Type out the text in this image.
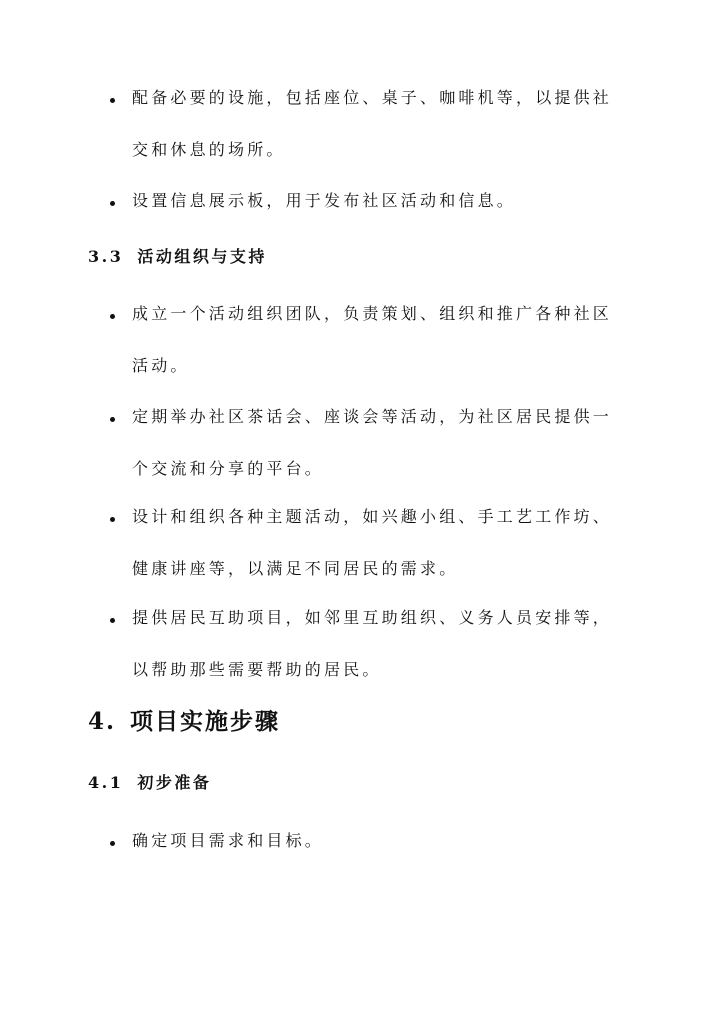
配备必要的设施，包括座位、桌子、咖啡机等，以提供社交和休息的场所。
设置信息展示板，用于发布社区活动和信息。
3.3 活动组织与支持
成立一个活动组织团队，负责策划、组织和推广各种社区活动。
定期举办社区茶话会、座谈会等活动，为社区居民提供一个交流和分享的平台。
设计和组织各种主题活动，如兴趣小组、手工艺工作坊、健康讲座等，以满足不同居民的需求。
提供居民互助项目，如邻里互助组织、义务人员安排等，以帮助那些需要帮助的居民。
4. 项目实施步骤
4.1 初步准备
确定项目需求和目标。
